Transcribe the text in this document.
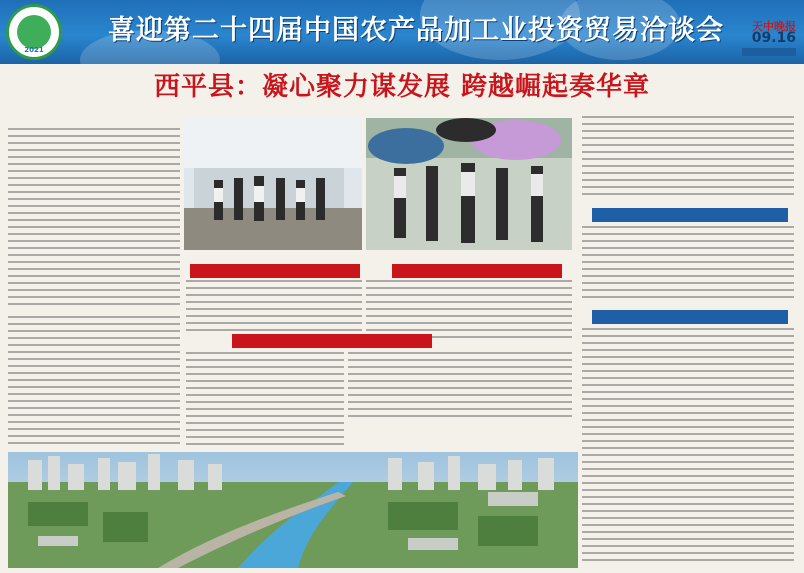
2021
喜迎第二十四届中国农产品加工业投资贸易洽谈会	天中晚报
09.16
西平县：凝心聚力谋发展 跨越崛起奏华章
